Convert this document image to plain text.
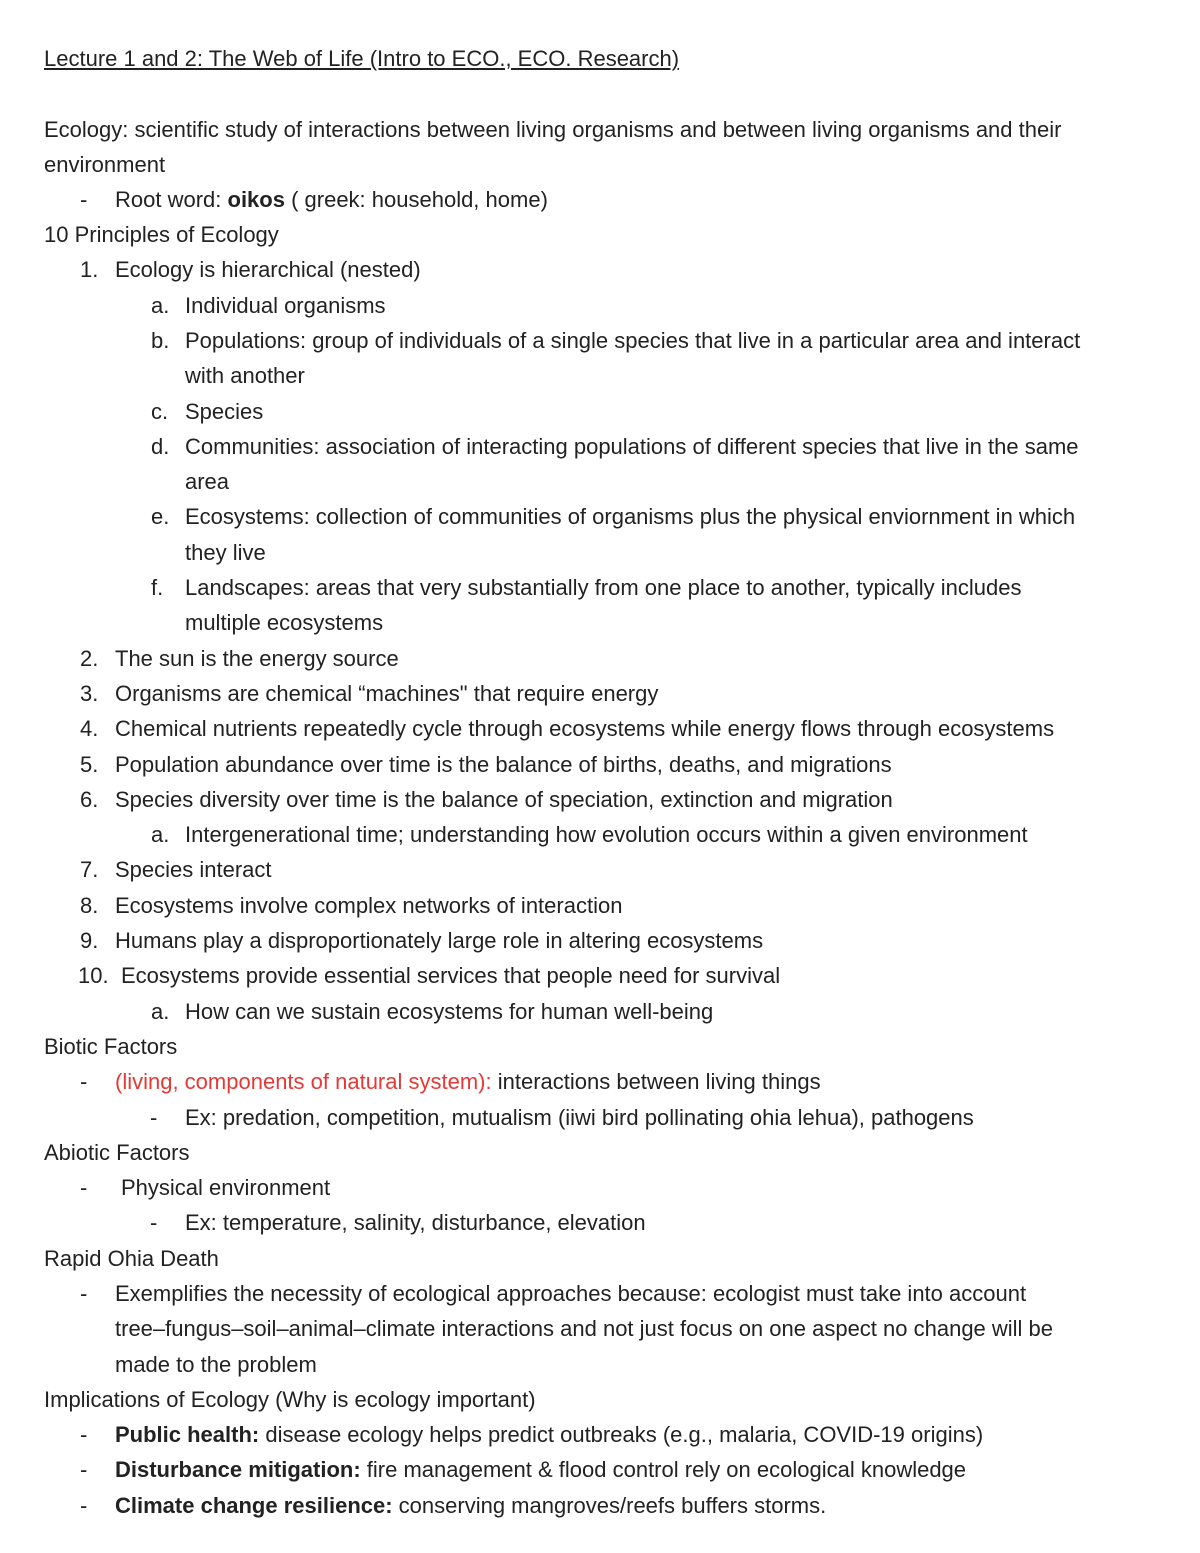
Lecture 1 and 2: The Web of Life (Intro to ECO., ECO. Research)
Ecology: scientific study of interactions between living organisms and between living organisms and their
environment
- Root word: oikos ( greek: household, home)
10 Principles of Ecology
1. Ecology is hierarchical (nested)
a. Individual organisms
b. Populations: group of individuals of a single species that live in a particular area and interact
with another
c. Species
d. Communities: association of interacting populations of different species that live in the same
area
e. Ecosystems: collection of communities of organisms plus the physical enviornment in which
they live
f. Landscapes: areas that very substantially from one place to another, typically includes
multiple ecosystems
2. The sun is the energy source
3. Organisms are chemical “machines" that require energy
4. Chemical nutrients repeatedly cycle through ecosystems while energy flows through ecosystems
5. Population abundance over time is the balance of births, deaths, and migrations
6. Species diversity over time is the balance of speciation, extinction and migration
a. Intergenerational time; understanding how evolution occurs within a given environment
7. Species interact
8. Ecosystems involve complex networks of interaction
9. Humans play a disproportionately large role in altering ecosystems
10. Ecosystems provide essential services that people need for survival
a. How can we sustain ecosystems for human well-being
Biotic Factors
- (living, components of natural system): interactions between living things
- Ex: predation, competition, mutualism (iiwi bird pollinating ohia lehua), pathogens
Abiotic Factors
- Physical environment
- Ex: temperature, salinity, disturbance, elevation
Rapid Ohia Death
- Exemplifies the necessity of ecological approaches because: ecologist must take into account
tree–fungus–soil–animal–climate interactions and not just focus on one aspect no change will be
made to the problem
Implications of Ecology (Why is ecology important)
- Public health: disease ecology helps predict outbreaks (e.g., malaria, COVID-19 origins)
- Disturbance mitigation: fire management & flood control rely on ecological knowledge
- Climate change resilience: conserving mangroves/reefs buffers storms.
